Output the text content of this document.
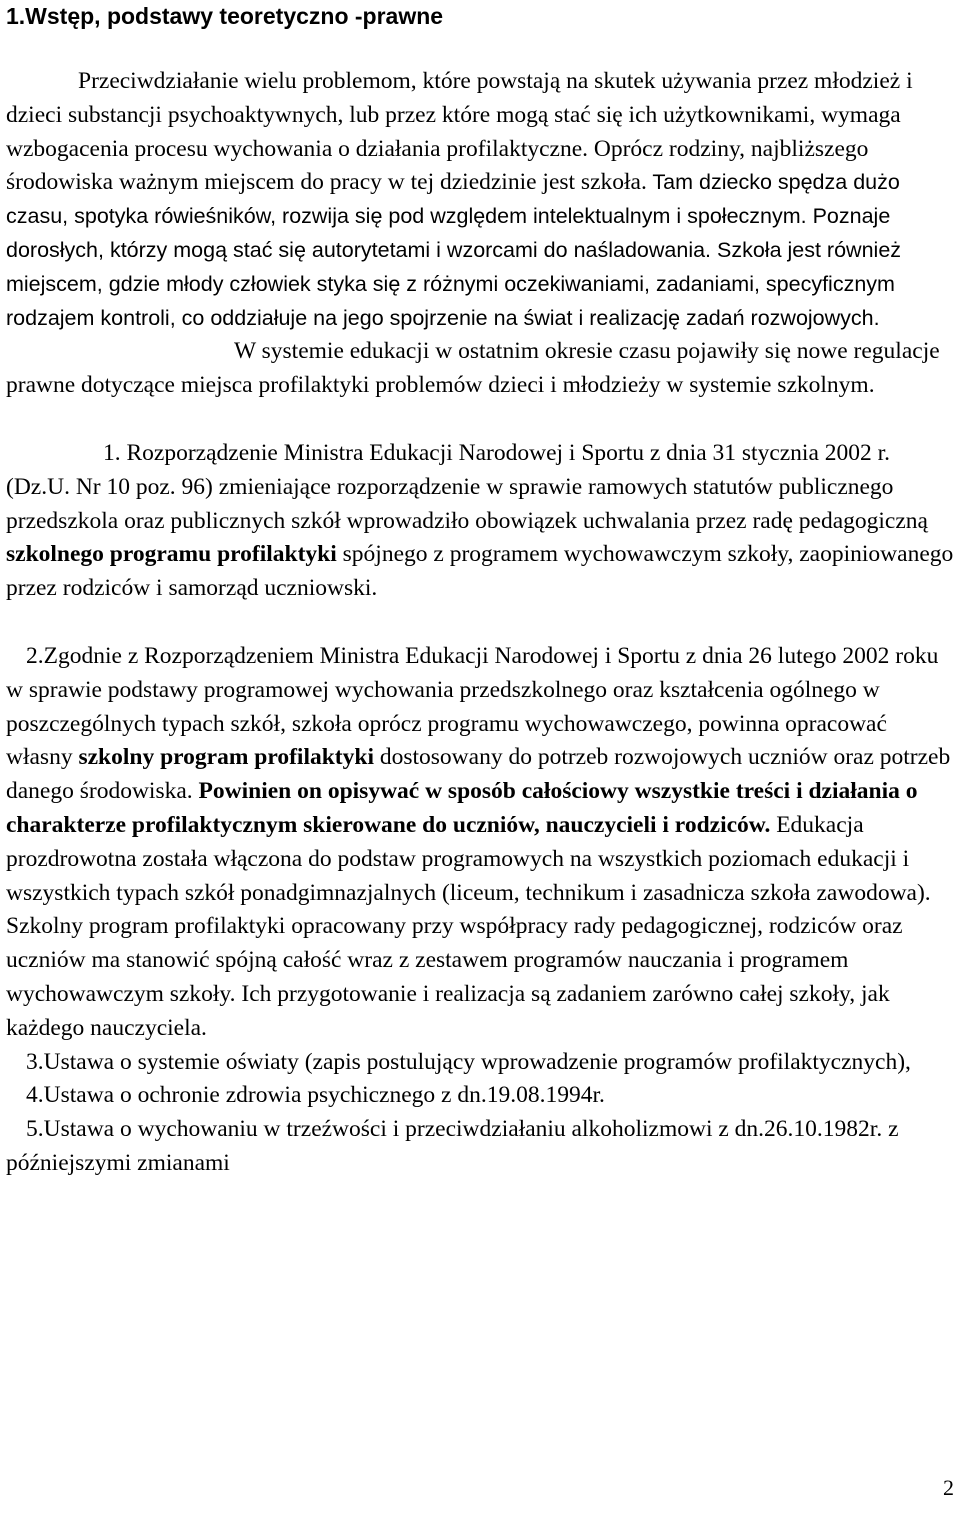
1.Wstęp, podstawy teoretyczno -prawne

Przeciwdziałanie wielu problemom, które powstają na skutek używania przez młodzież i dzieci substancji psychoaktywnych, lub przez które mogą stać się ich użytkownikami, wymaga wzbogacenia procesu wychowania o działania profilaktyczne. Oprócz rodziny, najbliższego środowiska ważnym miejscem do pracy w tej dziedzinie jest szkoła. Tam dziecko spędza dużo czasu, spotyka rówieśników, rozwija się pod względem intelektualnym i społecznym. Poznaje dorosłych, którzy mogą stać się autorytetami i wzorcami do naśladowania. Szkoła jest również miejscem, gdzie młody człowiek styka się z różnymi oczekiwaniami, zadaniami, specyficznym rodzajem kontroli, co oddziałuje na jego spojrzenie na świat i realizację zadań rozwojowych.

W systemie edukacji w ostatnim okresie czasu pojawiły się nowe regulacje prawne dotyczące miejsca profilaktyki problemów dzieci i młodzieży w systemie szkolnym.

1. Rozporządzenie Ministra Edukacji Narodowej i Sportu z dnia 31 stycznia 2002 r. (Dz.U. Nr 10 poz. 96) zmieniające rozporządzenie w sprawie ramowych statutów publicznego przedszkola oraz publicznych szkół wprowadziło obowiązek uchwalania przez radę pedagogiczną szkolnego programu profilaktyki spójnego z programem wychowawczym szkoły, zaopiniowanego przez rodziców i samorząd uczniowski.

2.Zgodnie z Rozporządzeniem Ministra Edukacji Narodowej i Sportu z dnia 26 lutego 2002 roku w sprawie podstawy programowej wychowania przedszkolnego oraz kształcenia ogólnego w poszczególnych typach szkół, szkoła oprócz programu wychowawczego, powinna opracować własny szkolny program profilaktyki dostosowany do potrzeb rozwojowych uczniów oraz potrzeb danego środowiska. Powinien on opisywać w sposób całościowy wszystkie treści i działania o charakterze profilaktycznym skierowane do uczniów, nauczycieli i rodziców. Edukacja prozdrowotna została włączona do podstaw programowych na wszystkich poziomach edukacji i wszystkich typach szkół ponadgimnazjalnych (liceum, technikum i zasadnicza szkoła zawodowa). Szkolny program profilaktyki opracowany przy współpracy rady pedagogicznej, rodziców oraz uczniów ma stanowić spójną całość wraz z zestawem programów nauczania i programem wychowawczym szkoły. Ich przygotowanie i realizacja są zadaniem zarówno całej szkoły, jak każdego nauczyciela.

3.Ustawa o systemie oświaty (zapis postulujący wprowadzenie programów profilaktycznych),

4.Ustawa o ochronie zdrowia psychicznego z dn.19.08.1994r.

5.Ustawa o wychowaniu w trzeźwości i przeciwdziałaniu alkoholizmowi z dn.26.10.1982r. z późniejszymi zmianami

2
